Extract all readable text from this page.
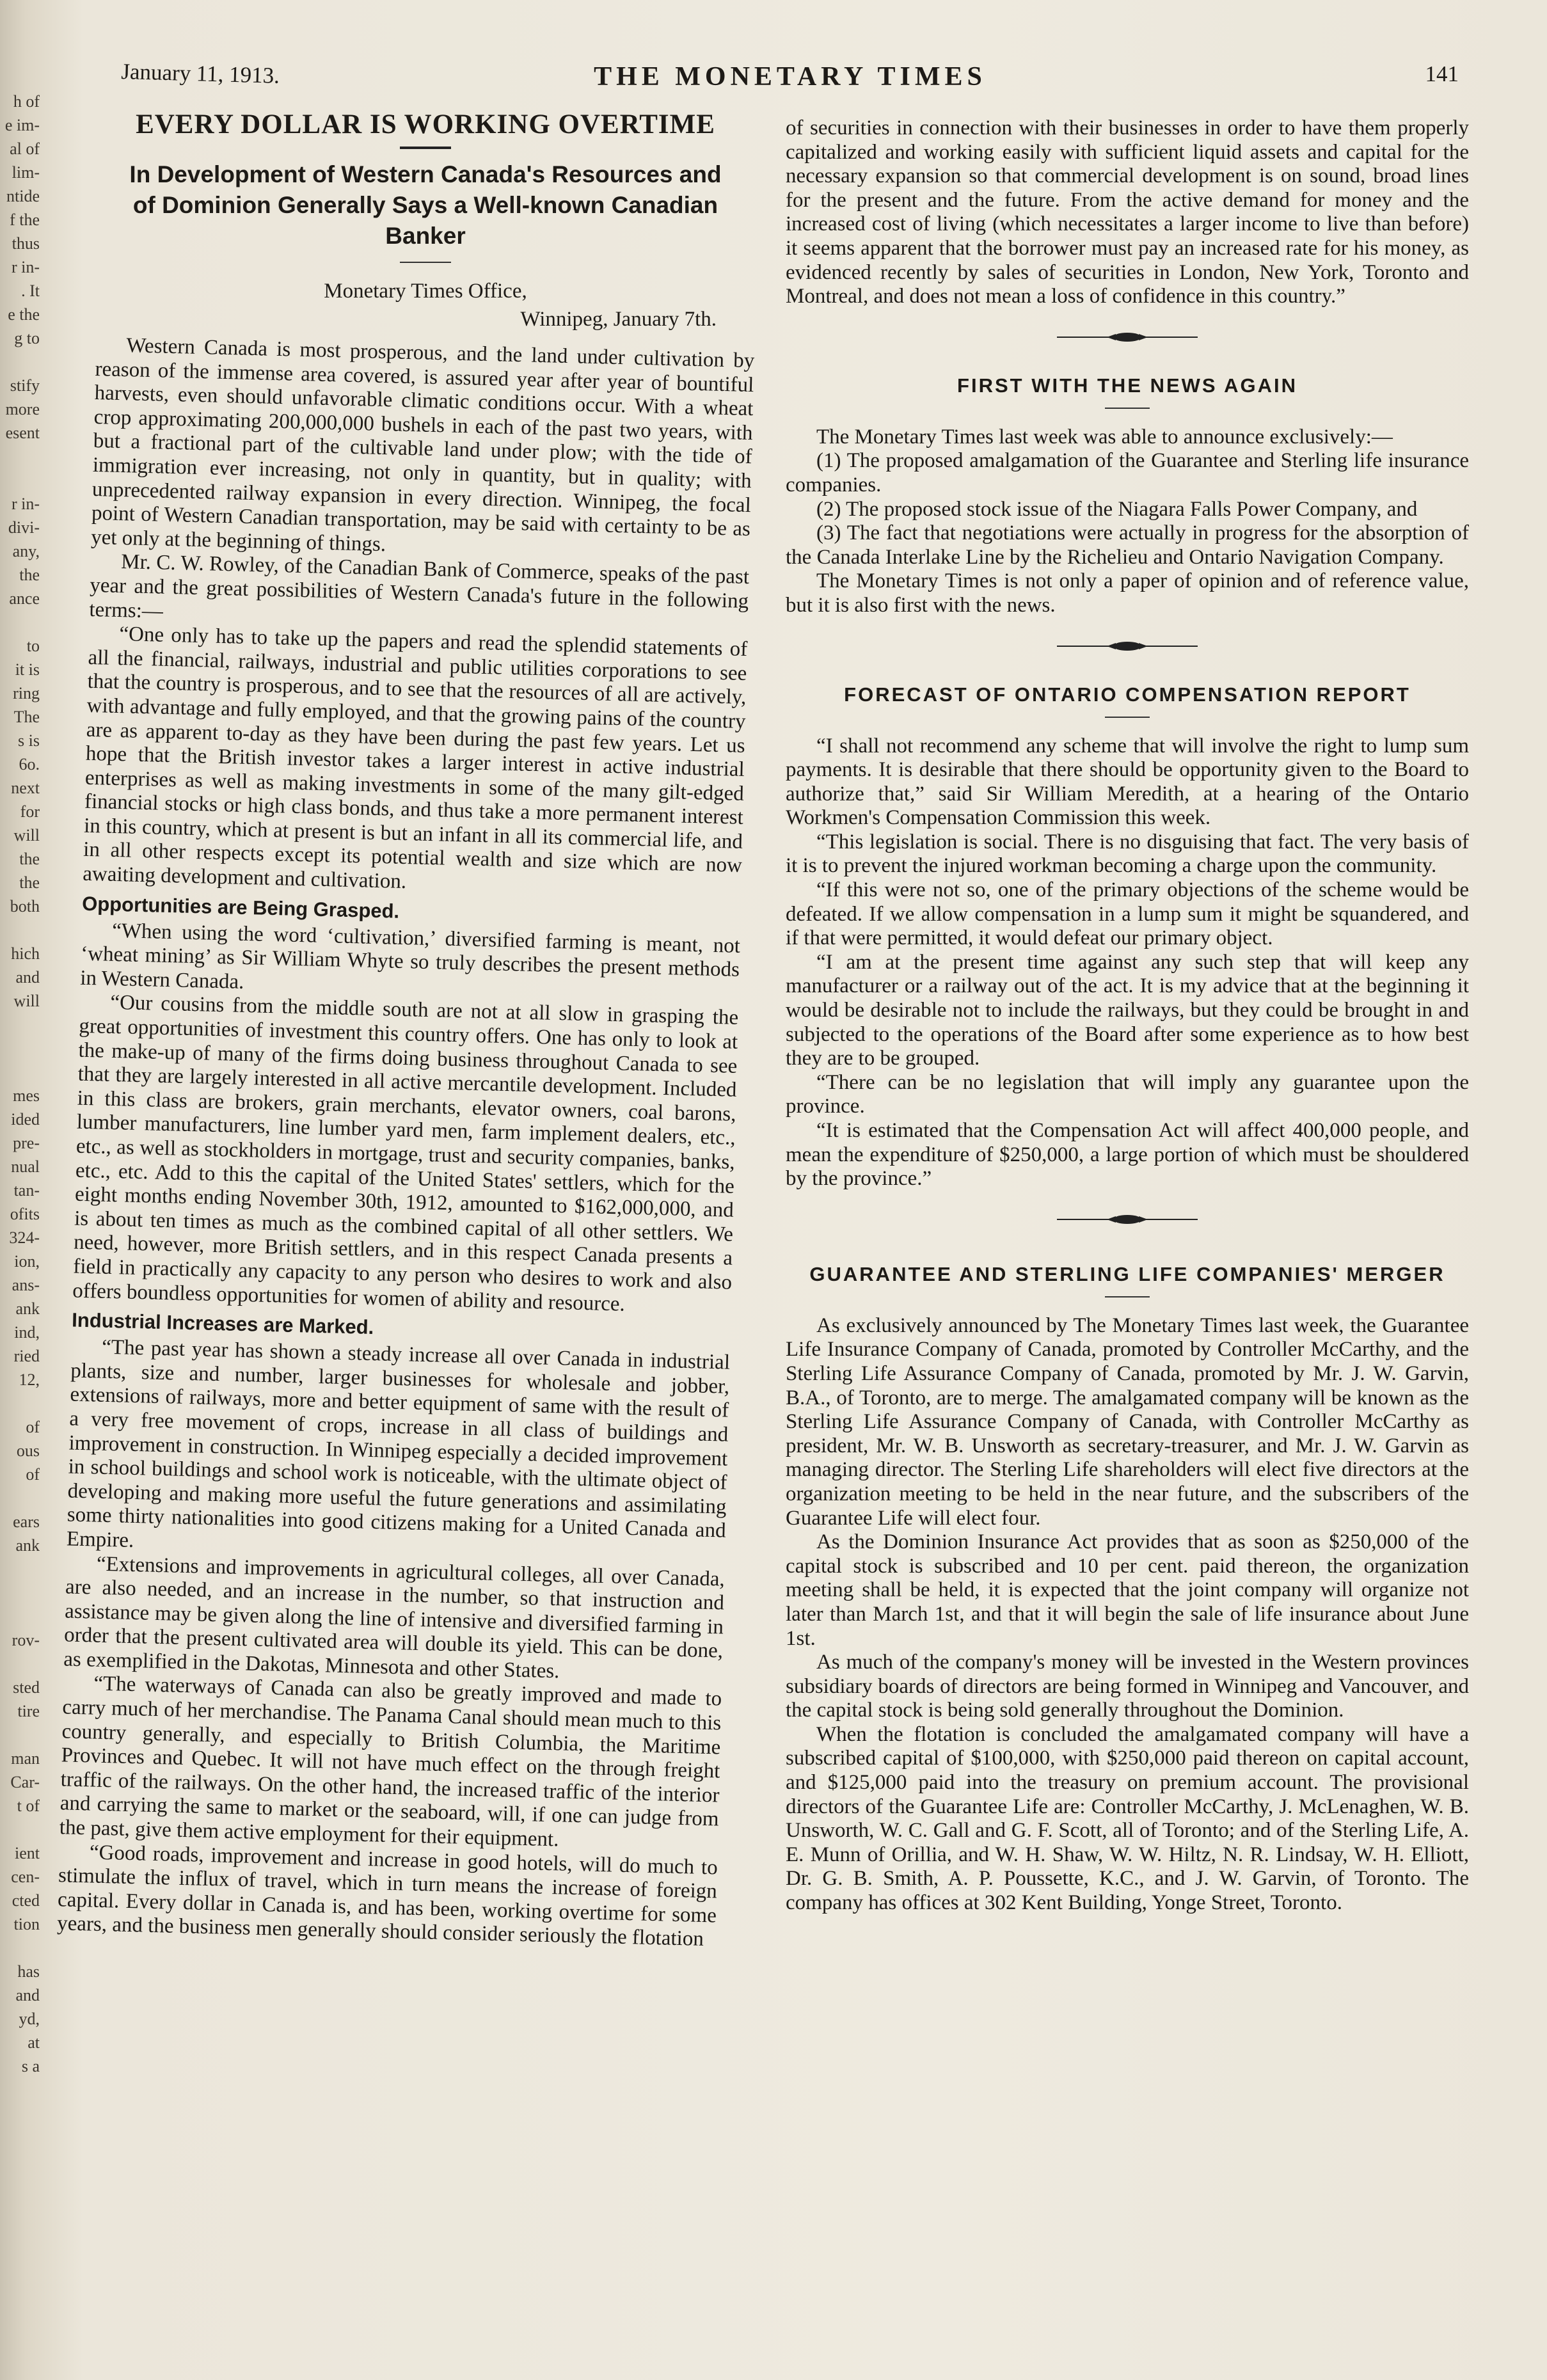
h of
e im-
al of
lim-
ntide
f the
thus
r in-
. It
e the
g to
stify
more
esent
r in-
divi-
any,
the
ance
to
it is
ring
The
s is
6o.
next
for
will
the
the
both
hich
and
will
mes
ided
pre-
nual
tan-
ofits
324-
ion,
ans-
ank
ind,
ried
12,
of
ous
of
ears
ank
rov-
sted
tire
man
Car-
t of
ient
cen-
cted
tion
has
and
yd,
at
s a
January 11, 1913.	THE MONETARY TIMES	141
EVERY DOLLAR IS WORKING OVERTIME
In Development of Western Canada's Resources and of Dominion Generally Says a Well-known Canadian Banker
Monetary Times Office,
Winnipeg, January 7th.

Western Canada is most prosperous, and the land under cultivation by reason of the immense area covered, is assured year after year of bountiful harvests, even should unfavorable climatic conditions occur. With a wheat crop approximating 200,000,000 bushels in each of the past two years, with but a fractional part of the cultivable land under plow; with the tide of immigration ever increasing, not only in quantity, but in quality; with unprecedented railway expansion in every direction. Winnipeg, the focal point of Western Canadian transportation, may be said with certainty to be as yet only at the beginning of things.

Mr. C. W. Rowley, of the Canadian Bank of Commerce, speaks of the past year and the great possibilities of Western Canada's future in the following terms:—

“One only has to take up the papers and read the splendid statements of all the financial, railways, industrial and public utilities corporations to see that the country is prosperous, and to see that the resources of all are actively, with advantage and fully employed, and that the growing pains of the country are as apparent to-day as they have been during the past few years. Let us hope that the British investor takes a larger interest in active industrial enterprises as well as making investments in some of the many gilt-edged financial stocks or high class bonds, and thus take a more permanent interest in this country, which at present is but an infant in all its commercial life, and in all other respects except its potential wealth and size which are now awaiting development and cultivation.

Opportunities are Being Grasped.

“When using the word ‘cultivation,’ diversified farming is meant, not ‘wheat mining’ as Sir William Whyte so truly describes the present methods in Western Canada.

“Our cousins from the middle south are not at all slow in grasping the great opportunities of investment this country offers. One has only to look at the make-up of many of the firms doing business throughout Canada to see that they are largely interested in all active mercantile development. Included in this class are brokers, grain merchants, elevator owners, coal barons, lumber manufacturers, line lumber yard men, farm implement dealers, etc., etc., as well as stockholders in mortgage, trust and security companies, banks, etc., etc. Add to this the capital of the United States' settlers, which for the eight months ending November 30th, 1912, amounted to $162,000,000, and is about ten times as much as the combined capital of all other settlers. We need, however, more British settlers, and in this respect Canada presents a field in practically any capacity to any person who desires to work and also offers boundless opportunities for women of ability and resource.

Industrial Increases are Marked.

“The past year has shown a steady increase all over Canada in industrial plants, size and number, larger businesses for wholesale and jobber, extensions of railways, more and better equipment of same with the result of a very free movement of crops, increase in all class of buildings and improvement in construction. In Winnipeg especially a decided improvement in school buildings and school work is noticeable, with the ultimate object of developing and making more useful the future generations and assimilating some thirty nationalities into good citizens making for a United Canada and Empire.

“Extensions and improvements in agricultural colleges, all over Canada, are also needed, and an increase in the number, so that instruction and assistance may be given along the line of intensive and diversified farming in order that the present cultivated area will double its yield. This can be done, as exemplified in the Dakotas, Minnesota and other States.

“The waterways of Canada can also be greatly improved and made to carry much of her merchandise. The Panama Canal should mean much to this country generally, and especially to British Columbia, the Maritime Provinces and Quebec. It will not have much effect on the through freight traffic of the railways. On the other hand, the increased traffic of the interior and carrying the same to market or the seaboard, will, if one can judge from the past, give them active employment for their equipment.

“Good roads, improvement and increase in good hotels, will do much to stimulate the influx of travel, which in turn means the increase of foreign capital. Every dollar in Canada is, and has been, working overtime for some years, and the business men generally should consider seriously the flotation

of securities in connection with their businesses in order to have them properly capitalized and working easily with sufficient liquid assets and capital for the necessary expansion so that commercial development is on sound, broad lines for the present and the future. From the active demand for money and the increased cost of living (which necessitates a larger income to live than before) it seems apparent that the borrower must pay an increased rate for his money, as evidenced recently by sales of securities in London, New York, Toronto and Montreal, and does not mean a loss of confidence in this country.”

FIRST WITH THE NEWS AGAIN

The Monetary Times last week was able to announce exclusively:—

(1) The proposed amalgamation of the Guarantee and Sterling life insurance companies.

(2) The proposed stock issue of the Niagara Falls Power Company, and

(3) The fact that negotiations were actually in progress for the absorption of the Canada Interlake Line by the Richelieu and Ontario Navigation Company.

The Monetary Times is not only a paper of opinion and of reference value, but it is also first with the news.

FORECAST OF ONTARIO COMPENSATION REPORT

“I shall not recommend any scheme that will involve the right to lump sum payments. It is desirable that there should be opportunity given to the Board to authorize that,” said Sir William Meredith, at a hearing of the Ontario Workmen's Compensation Commission this week.

“This legislation is social. There is no disguising that fact. The very basis of it is to prevent the injured workman becoming a charge upon the community.

“If this were not so, one of the primary objections of the scheme would be defeated. If we allow compensation in a lump sum it might be squandered, and if that were permitted, it would defeat our primary object.

“I am at the present time against any such step that will keep any manufacturer or a railway out of the act. It is my advice that at the beginning it would be desirable not to include the railways, but they could be brought in and subjected to the operations of the Board after some experience as to how best they are to be grouped.

“There can be no legislation that will imply any guarantee upon the province.

“It is estimated that the Compensation Act will affect 400,000 people, and mean the expenditure of $250,000, a large portion of which must be shouldered by the province.”

GUARANTEE AND STERLING LIFE COMPANIES' MERGER

As exclusively announced by The Monetary Times last week, the Guarantee Life Insurance Company of Canada, promoted by Controller McCarthy, and the Sterling Life Assurance Company of Canada, promoted by Mr. J. W. Garvin, B.A., of Toronto, are to merge. The amalgamated company will be known as the Sterling Life Assurance Company of Canada, with Controller McCarthy as president, Mr. W. B. Unsworth as secretary-treasurer, and Mr. J. W. Garvin as managing director. The Sterling Life shareholders will elect five directors at the organization meeting to be held in the near future, and the subscribers of the Guarantee Life will elect four.

As the Dominion Insurance Act provides that as soon as $250,000 of the capital stock is subscribed and 10 per cent. paid thereon, the organization meeting shall be held, it is expected that the joint company will organize not later than March 1st, and that it will begin the sale of life insurance about June 1st.

As much of the company's money will be invested in the Western provinces subsidiary boards of directors are being formed in Winnipeg and Vancouver, and the capital stock is being sold generally throughout the Dominion.

When the flotation is concluded the amalgamated company will have a subscribed capital of $100,000, with $250,000 paid thereon on capital account, and $125,000 paid into the treasury on premium account. The provisional directors of the Guarantee Life are: Controller McCarthy, J. McLenaghen, W. B. Unsworth, W. C. Gall and G. F. Scott, all of Toronto; and of the Sterling Life, A. E. Munn of Orillia, and W. H. Shaw, W. W. Hiltz, N. R. Lindsay, W. H. Elliott, Dr. G. B. Smith, A. P. Poussette, K.C., and J. W. Garvin, of Toronto. The company has offices at 302 Kent Building, Yonge Street, Toronto.
